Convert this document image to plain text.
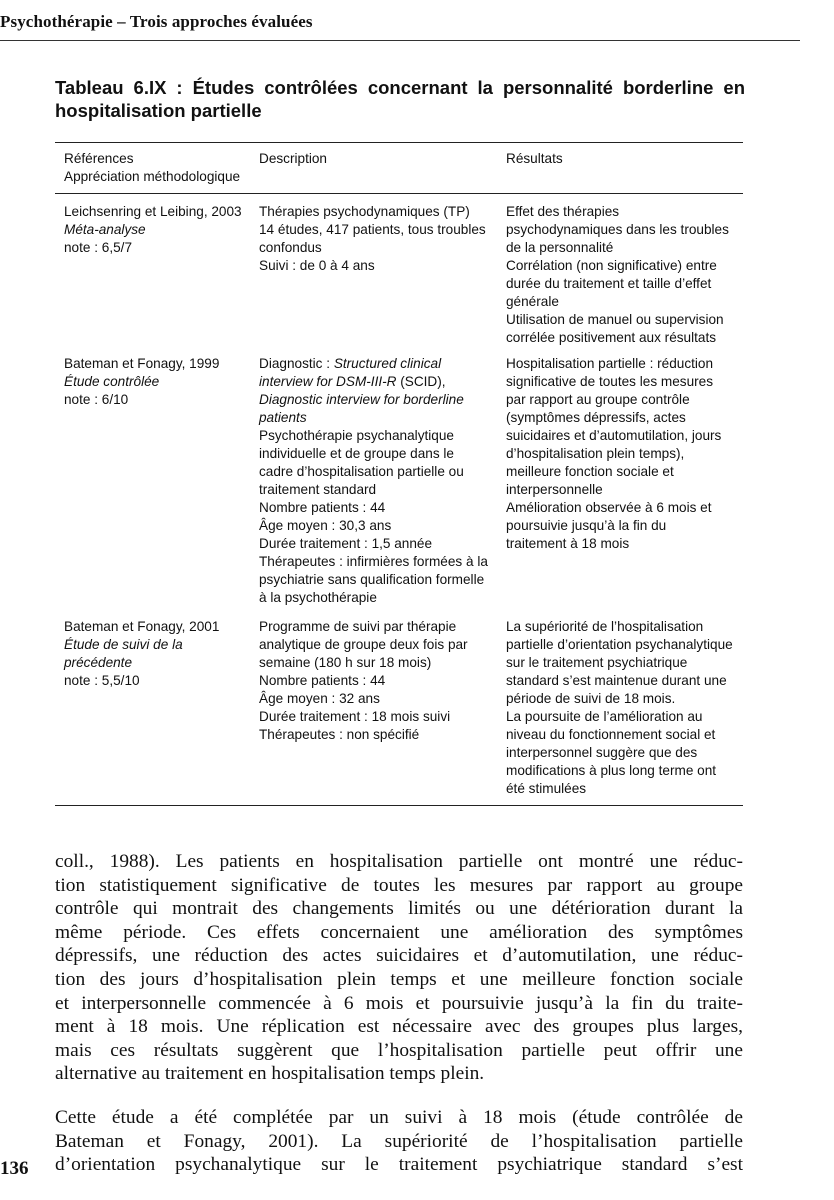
Psychothérapie – Trois approches évaluées
Tableau 6.IX : Études contrôlées concernant la personnalité borderline en
hospitalisation partielle
Références
Appréciation méthodologique
Description	Résultats
Leichsenring et Leibing, 2003
Méta-analyse
note : 6,5/7
Thérapies psychodynamiques (TP)
14 études, 417 patients, tous troubles
confondus
Suivi : de 0 à 4 ans
Effet des thérapies
psychodynamiques dans les troubles
de la personnalité
Corrélation (non significative) entre
durée du traitement et taille d’effet
générale
Utilisation de manuel ou supervision
corrélée positivement aux résultats
Bateman et Fonagy, 1999
Étude contrôlée
note : 6/10
Diagnostic : Structured clinical
interview for DSM-III-R (SCID),
Diagnostic interview for borderline
patients
Psychothérapie psychanalytique
individuelle et de groupe dans le
cadre d’hospitalisation partielle ou
traitement standard
Nombre patients : 44
Âge moyen : 30,3 ans
Durée traitement : 1,5 année
Thérapeutes : infirmières formées à la
psychiatrie sans qualification formelle
à la psychothérapie
Hospitalisation partielle : réduction
significative de toutes les mesures
par rapport au groupe contrôle
(symptômes dépressifs, actes
suicidaires et d’automutilation, jours
d’hospitalisation plein temps),
meilleure fonction sociale et
interpersonnelle
Amélioration observée à 6 mois et
poursuivie jusqu’à la fin du
traitement à 18 mois
Bateman et Fonagy, 2001
Étude de suivi de la
précédente
note : 5,5/10
Programme de suivi par thérapie
analytique de groupe deux fois par
semaine (180 h sur 18 mois)
Nombre patients : 44
Âge moyen : 32 ans
Durée traitement : 18 mois suivi
Thérapeutes : non spécifié
La supériorité de l’hospitalisation
partielle d’orientation psychanalytique
sur le traitement psychiatrique
standard s’est maintenue durant une
période de suivi de 18 mois.
La poursuite de l’amélioration au
niveau du fonctionnement social et
interpersonnel suggère que des
modifications à plus long terme ont
été stimulées
coll., 1988). Les patients en hospitalisation partielle ont montré une réduc-
tion statistiquement significative de toutes les mesures par rapport au groupe
contrôle qui montrait des changements limités ou une détérioration durant la
même période. Ces effets concernaient une amélioration des symptômes
dépressifs, une réduction des actes suicidaires et d’automutilation, une réduc-
tion des jours d’hospitalisation plein temps et une meilleure fonction sociale
et interpersonnelle commencée à 6 mois et poursuivie jusqu’à la fin du traite-
ment à 18 mois. Une réplication est nécessaire avec des groupes plus larges,
mais ces résultats suggèrent que l’hospitalisation partielle peut offrir une
alternative au traitement en hospitalisation temps plein.
Cette étude a été complétée par un suivi à 18 mois (étude contrôlée de
Bateman et Fonagy, 2001). La supériorité de l’hospitalisation partielle
d’orientation psychanalytique sur le traitement psychiatrique standard s’est
136
